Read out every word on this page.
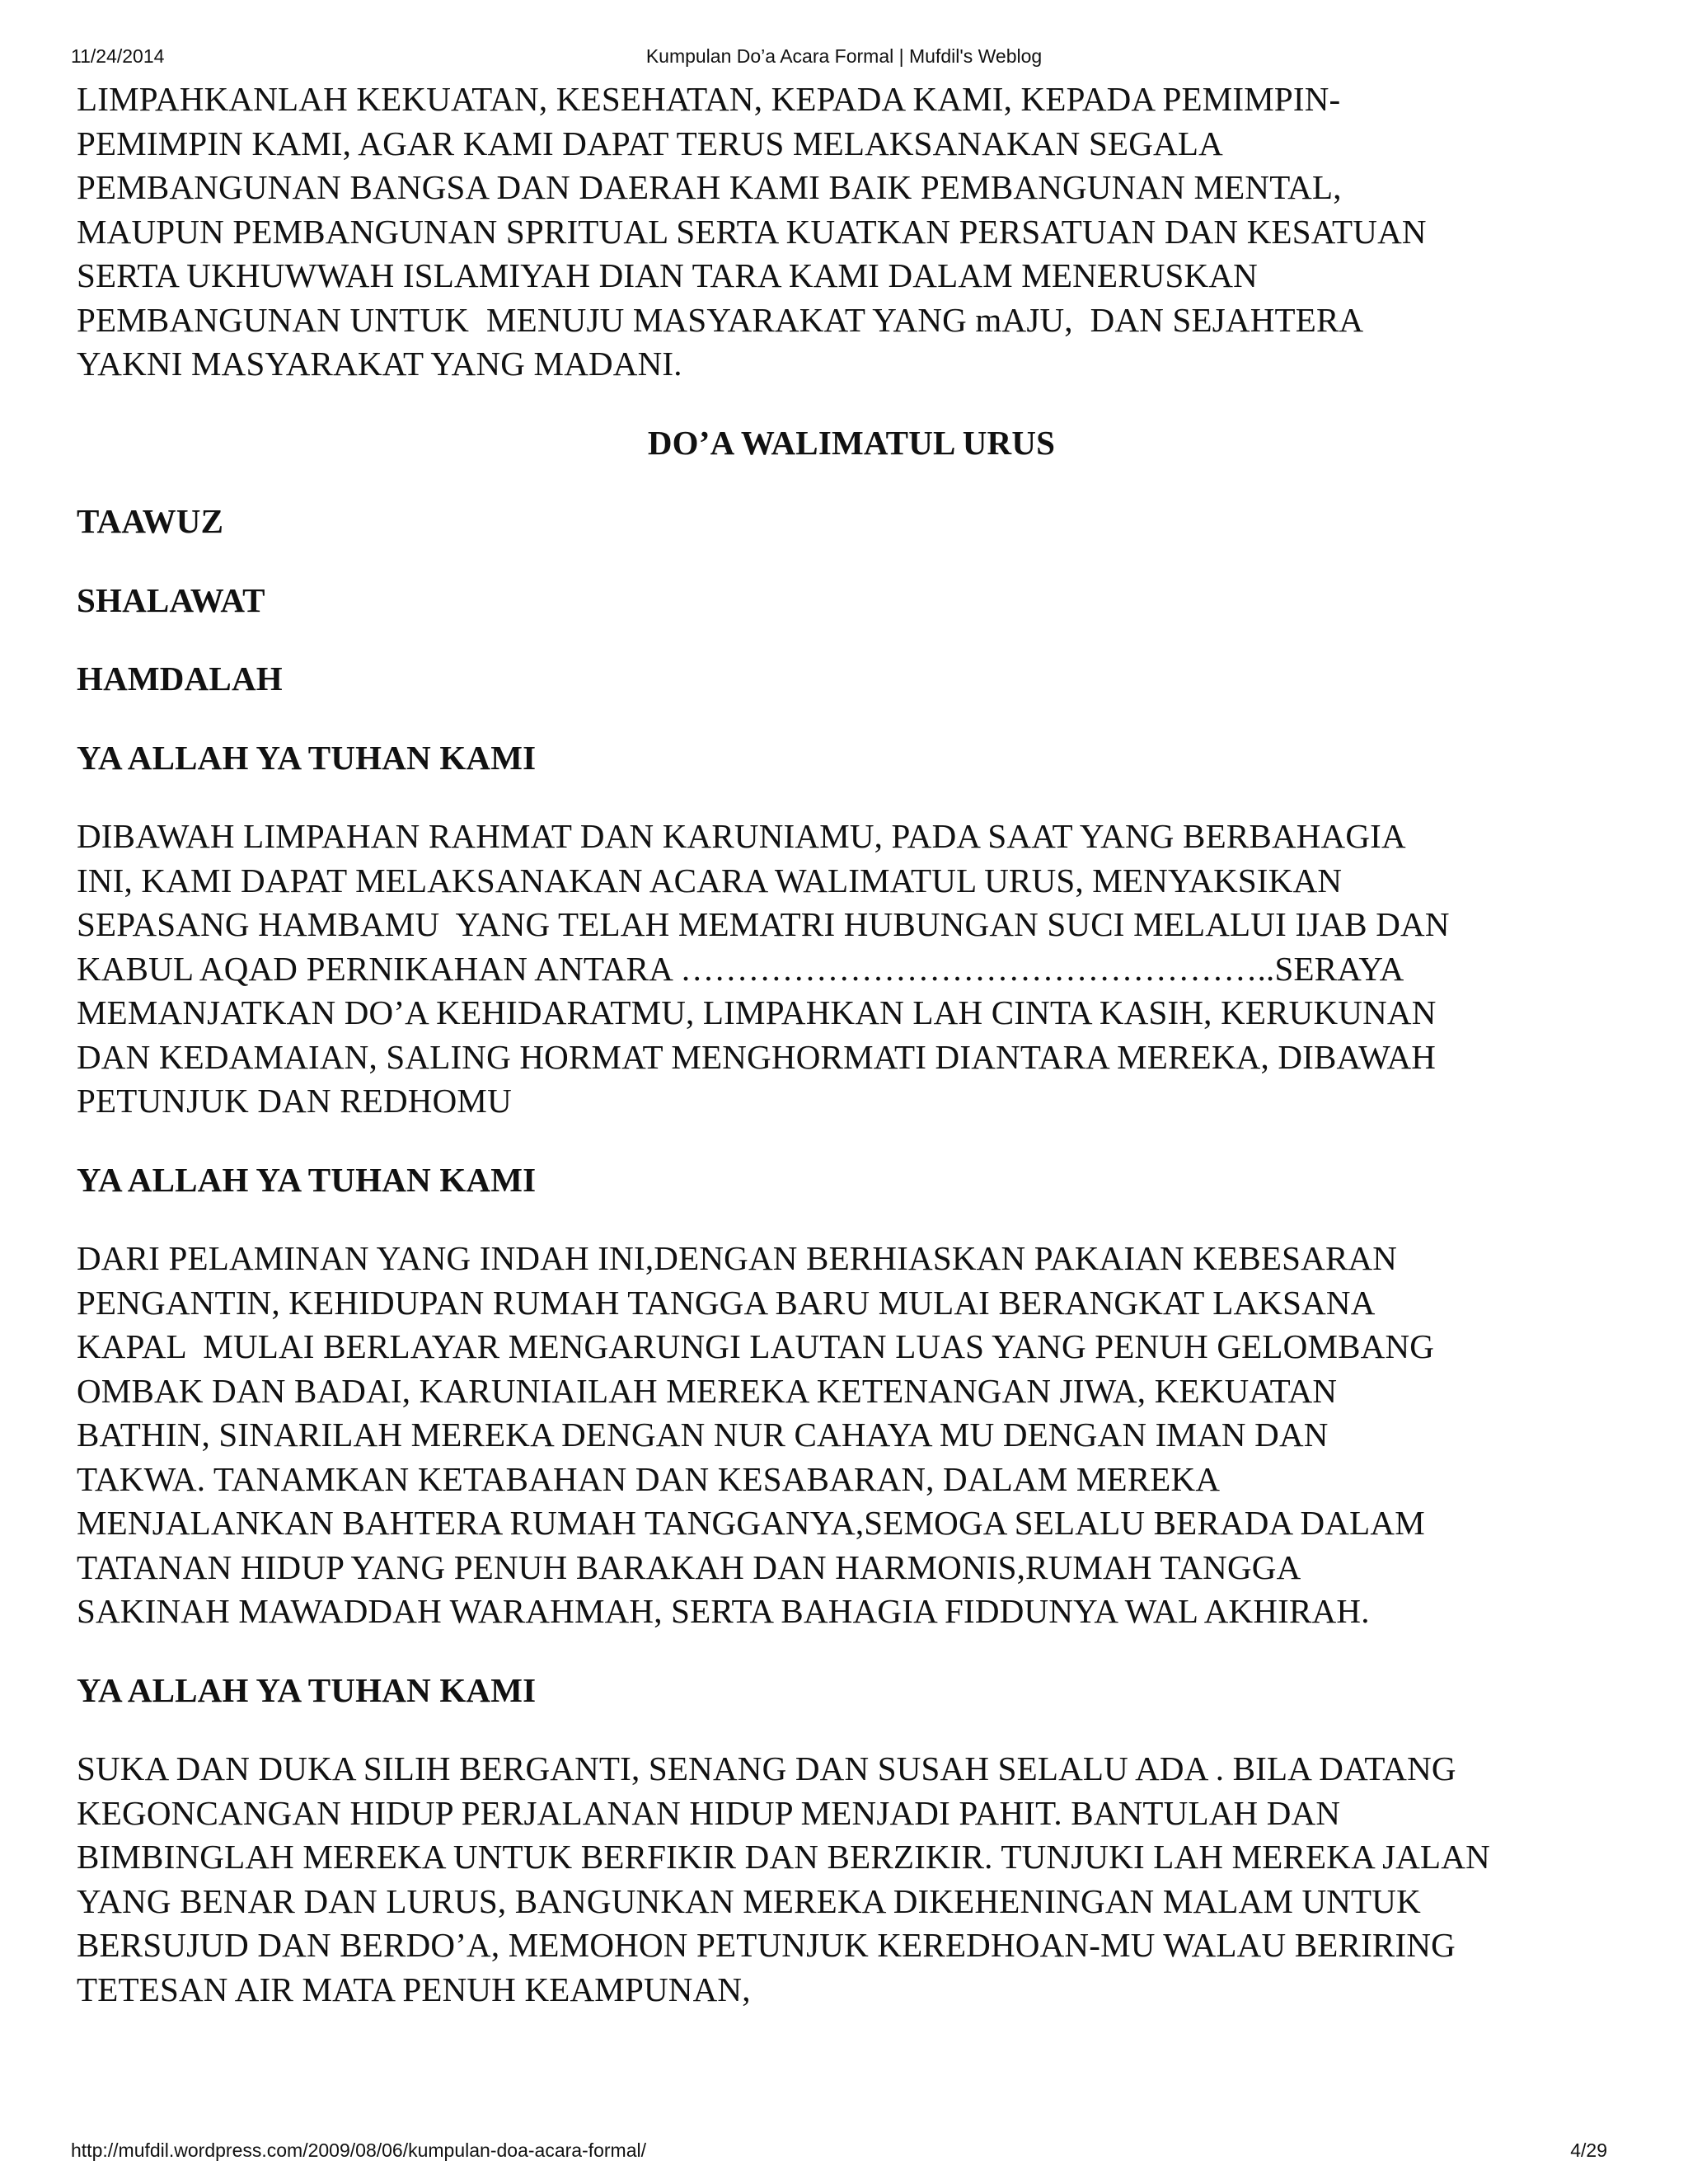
11/24/2014	Kumpulan Do’a Acara Formal | Mufdil's Weblog

LIMPAHKANLAH KEKUATAN, KESEHATAN, KEPADA KAMI, KEPADA PEMIMPIN-

PEMIMPIN KAMI, AGAR KAMI DAPAT TERUS MELAKSANAKAN SEGALA

PEMBANGUNAN BANGSA DAN DAERAH KAMI BAIK PEMBANGUNAN MENTAL,

MAUPUN PEMBANGUNAN SPRITUAL SERTA KUATKAN PERSATUAN DAN KESATUAN

SERTA UKHUWWAH ISLAMIYAH DIAN TARA KAMI DALAM MENERUSKAN

PEMBANGUNAN UNTUK  MENUJU MASYARAKAT YANG mAJU,  DAN SEJAHTERA

YAKNI MASYARAKAT YANG MADANI.

DO’A WALIMATUL URUS
TAAWUZ
SHALAWAT
HAMDALAH
YA ALLAH YA TUHAN KAMI

DIBAWAH LIMPAHAN RAHMAT DAN KARUNIAMU, PADA SAAT YANG BERBAHAGIA

INI, KAMI DAPAT MELAKSANAKAN ACARA WALIMATUL URUS, MENYAKSIKAN

SEPASANG HAMBAMU  YANG TELAH MEMATRI HUBUNGAN SUCI MELALUI IJAB DAN

KABUL AQAD PERNIKAHAN ANTARA ……………………………………………..SERAYA

MEMANJATKAN DO’A KEHIDARATMU, LIMPAHKAN LAH CINTA KASIH, KERUKUNAN

DAN KEDAMAIAN, SALING HORMAT MENGHORMATI DIANTARA MEREKA, DIBAWAH

PETUNJUK DAN REDHOMU

YA ALLAH YA TUHAN KAMI

DARI PELAMINAN YANG INDAH INI,DENGAN BERHIASKAN PAKAIAN KEBESARAN

PENGANTIN, KEHIDUPAN RUMAH TANGGA BARU MULAI BERANGKAT LAKSANA

KAPAL  MULAI BERLAYAR MENGARUNGI LAUTAN LUAS YANG PENUH GELOMBANG

OMBAK DAN BADAI, KARUNIAILAH MEREKA KETENANGAN JIWA, KEKUATAN

BATHIN, SINARILAH MEREKA DENGAN NUR CAHAYA MU DENGAN IMAN DAN

TAKWA. TANAMKAN KETABAHAN DAN KESABARAN, DALAM MEREKA

MENJALANKAN BAHTERA RUMAH TANGGANYA,SEMOGA SELALU BERADA DALAM

TATANAN HIDUP YANG PENUH BARAKAH DAN HARMONIS,RUMAH TANGGA

SAKINAH MAWADDAH WARAHMAH, SERTA BAHAGIA FIDDUNYA WAL AKHIRAH.

YA ALLAH YA TUHAN KAMI

SUKA DAN DUKA SILIH BERGANTI, SENANG DAN SUSAH SELALU ADA . BILA DATANG

KEGONCANGAN HIDUP PERJALANAN HIDUP MENJADI PAHIT. BANTULAH DAN

BIMBINGLAH MEREKA UNTUK BERFIKIR DAN BERZIKIR. TUNJUKI LAH MEREKA JALAN

YANG BENAR DAN LURUS, BANGUNKAN MEREKA DIKEHENINGAN MALAM UNTUK

BERSUJUD DAN BERDO’A, MEMOHON PETUNJUK KEREDHOAN-MU WALAU BERIRING

TETESAN AIR MATA PENUH KEAMPUNAN,

http://mufdil.wordpress.com/2009/08/06/kumpulan-doa-acara-formal/	4/29
